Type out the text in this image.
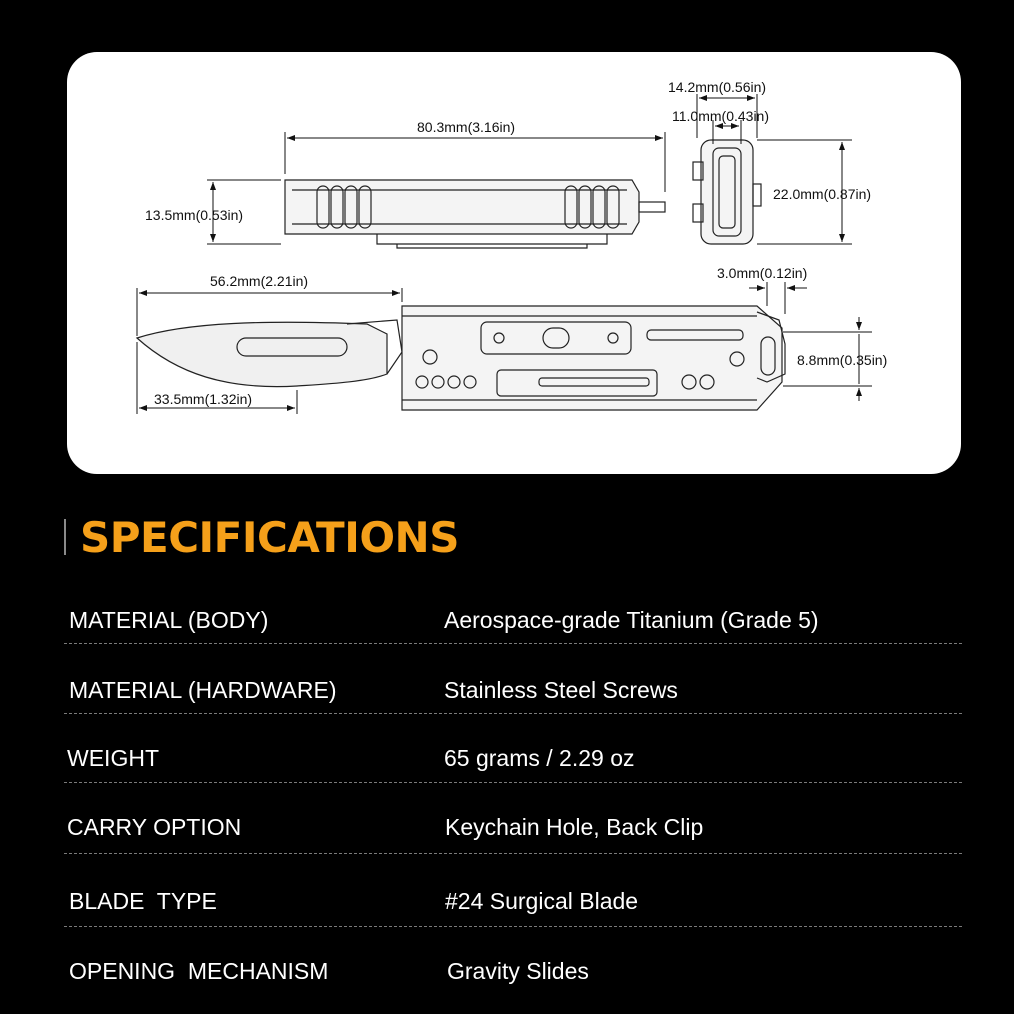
80.3mm(3.16in)
14.2mm(0.56in)
11.0mm(0.43in)
22.0mm(0.87in)
13.5mm(0.53in)
56.2mm(2.21in)
33.5mm(1.32in)
3.0mm(0.12in)
8.8mm(0.35in)
SPECIFICATIONS
MATERIAL (BODY)	Aerospace-grade Titanium (Grade 5)
MATERIAL (HARDWARE)	Stainless Steel Screws
WEIGHT	65 grams / 2.29 oz
CARRY OPTION	Keychain Hole, Back Clip
BLADE  TYPE	#24 Surgical Blade
OPENING  MECHANISM	Gravity Slides
